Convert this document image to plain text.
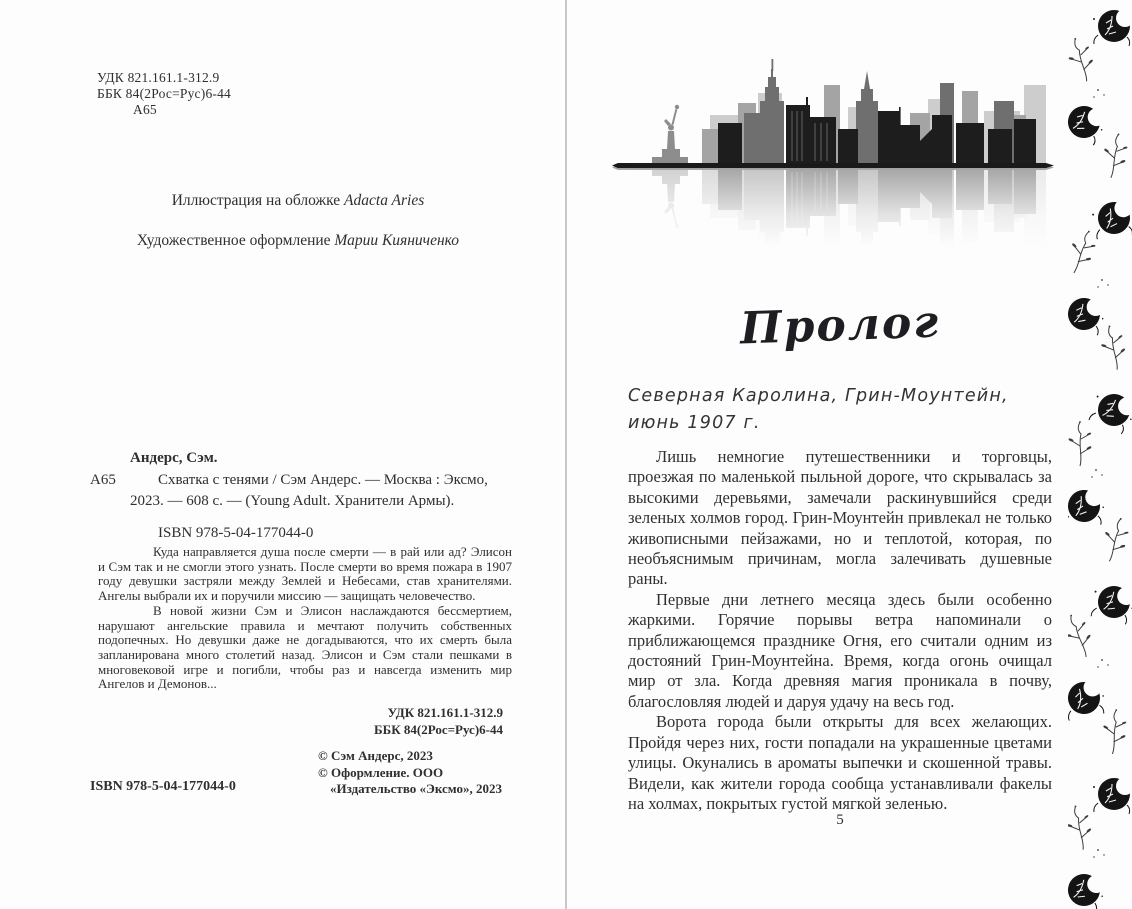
УДК 821.161.1-312.9
ББК 84(2Рос=Рус)6-44
А65
Иллюстрация на обложке Adacta Aries
Художественное оформление Марии Кияниченко
А65
Андерс, Сэм.
Схватка с тенями / Сэм Андерс. — Москва : Эксмо, 2023. — 608 с. — (Young Adult. Хранители Армы).
ISBN 978-5-04-177044-0

Куда направляется душа после смерти — в рай или ад? Элисон и Сэм так и не смогли этого узнать. После смерти во время пожара в 1907 году девушки застряли между Землей и Небесами, став хранителями. Ангелы выбрали их и поручили миссию — защищать человечество.

В новой жизни Сэм и Элисон наслаждаются бессмертием, нарушают ангельские правила и мечтают получить собственных подопечных. Но девушки даже не догадываются, что их смерть была запланирована много столетий назад. Элисон и Сэм стали пешками в многовековой игре и погибли, чтобы раз и навсегда изменить мир Ангелов и Демонов...

УДК 821.161.1-312.9
ББК 84(2Рос=Рус)6-44
© Сэм Андерс, 2023
© Оформление. ООО «Издательство «Эксмо», 2023
ISBN 978-5-04-177044-0
Пролог
Северная Каролина, Грин-Моунтейн,
июнь 1907 г.

Лишь немногие путешественники и торговцы, проезжая по маленькой пыльной дороге, что скрывалась за высокими деревьями, замечали раскинувшийся среди зеленых холмов город. Грин-Моунтейн привлекал не только живописными пейзажами, но и теплотой, которая, по необъяснимым причинам, могла залечивать душевные раны.

Первые дни летнего месяца здесь были особенно жаркими. Горячие порывы ветра напоминали о приближающемся празднике Огня, его считали одним из достояний Грин-Моунтейна. Время, когда огонь очищал мир от зла. Когда древняя магия проникала в почву, благословляя людей и даруя удачу на весь год.

Ворота города были открыты для всех желающих. Пройдя через них, гости попадали на украшенные цветами улицы. Окунались в ароматы выпечки и скошенной травы. Видели, как жители города сообща устанавливали факелы на холмах, покрытых густой мягкой зеленью.

5
